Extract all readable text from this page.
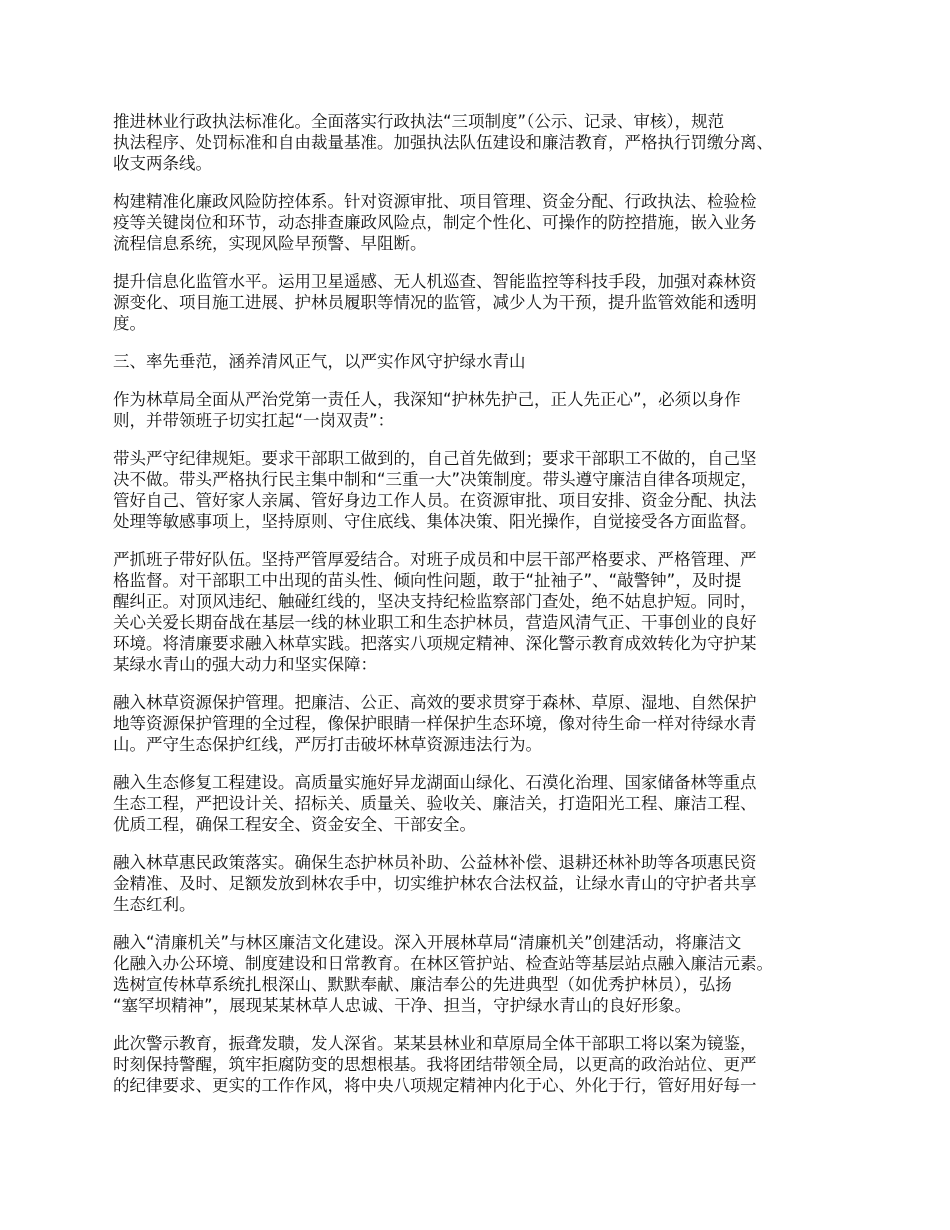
推进林业行政执法标准化。全面落实行政执法“三项制度”（公示、记录、审核），规范
执法程序、处罚标准和自由裁量基准。加强执法队伍建设和廉洁教育，严格执行罚缴分离、
收支两条线。
构建精准化廉政风险防控体系。针对资源审批、项目管理、资金分配、行政执法、检验检
疫等关键岗位和环节，动态排查廉政风险点，制定个性化、可操作的防控措施，嵌入业务
流程信息系统，实现风险早预警、早阻断。
提升信息化监管水平。运用卫星遥感、无人机巡查、智能监控等科技手段，加强对森林资
源变化、项目施工进展、护林员履职等情况的监管，减少人为干预，提升监管效能和透明
度。
三、率先垂范，涵养清风正气，以严实作风守护绿水青山
作为林草局全面从严治党第一责任人，我深知“护林先护己，正人先正心”，必须以身作
则，并带领班子切实扛起“一岗双责”：
带头严守纪律规矩。要求干部职工做到的，自己首先做到；要求干部职工不做的，自己坚
决不做。带头严格执行民主集中制和“三重一大”决策制度。带头遵守廉洁自律各项规定，
管好自己、管好家人亲属、管好身边工作人员。在资源审批、项目安排、资金分配、执法
处理等敏感事项上，坚持原则、守住底线、集体决策、阳光操作，自觉接受各方面监督。
严抓班子带好队伍。坚持严管厚爱结合。对班子成员和中层干部严格要求、严格管理、严
格监督。对干部职工中出现的苗头性、倾向性问题，敢于“扯袖子”、“敲警钟”，及时提
醒纠正。对顶风违纪、触碰红线的，坚决支持纪检监察部门查处，绝不姑息护短。同时，
关心关爱长期奋战在基层一线的林业职工和生态护林员，营造风清气正、干事创业的良好
环境。将清廉要求融入林草实践。把落实八项规定精神、深化警示教育成效转化为守护某
某绿水青山的强大动力和坚实保障：
融入林草资源保护管理。把廉洁、公正、高效的要求贯穿于森林、草原、湿地、自然保护
地等资源保护管理的全过程，像保护眼睛一样保护生态环境，像对待生命一样对待绿水青
山。严守生态保护红线，严厉打击破坏林草资源违法行为。
融入生态修复工程建设。高质量实施好异龙湖面山绿化、石漠化治理、国家储备林等重点
生态工程，严把设计关、招标关、质量关、验收关、廉洁关，打造阳光工程、廉洁工程、
优质工程，确保工程安全、资金安全、干部安全。
融入林草惠民政策落实。确保生态护林员补助、公益林补偿、退耕还林补助等各项惠民资
金精准、及时、足额发放到林农手中，切实维护林农合法权益，让绿水青山的守护者共享
生态红利。
融入“清廉机关”与林区廉洁文化建设。深入开展林草局“清廉机关”创建活动，将廉洁文
化融入办公环境、制度建设和日常教育。在林区管护站、检查站等基层站点融入廉洁元素。
选树宣传林草系统扎根深山、默默奉献、廉洁奉公的先进典型（如优秀护林员），弘扬
“塞罕坝精神”，展现某某林草人忠诚、干净、担当，守护绿水青山的良好形象。
此次警示教育，振聋发聩，发人深省。某某县林业和草原局全体干部职工将以案为镜鉴，
时刻保持警醒，筑牢拒腐防变的思想根基。我将团结带领全局，以更高的政治站位、更严
的纪律要求、更实的工作作风，将中央八项规定精神内化于心、外化于行，管好用好每一
